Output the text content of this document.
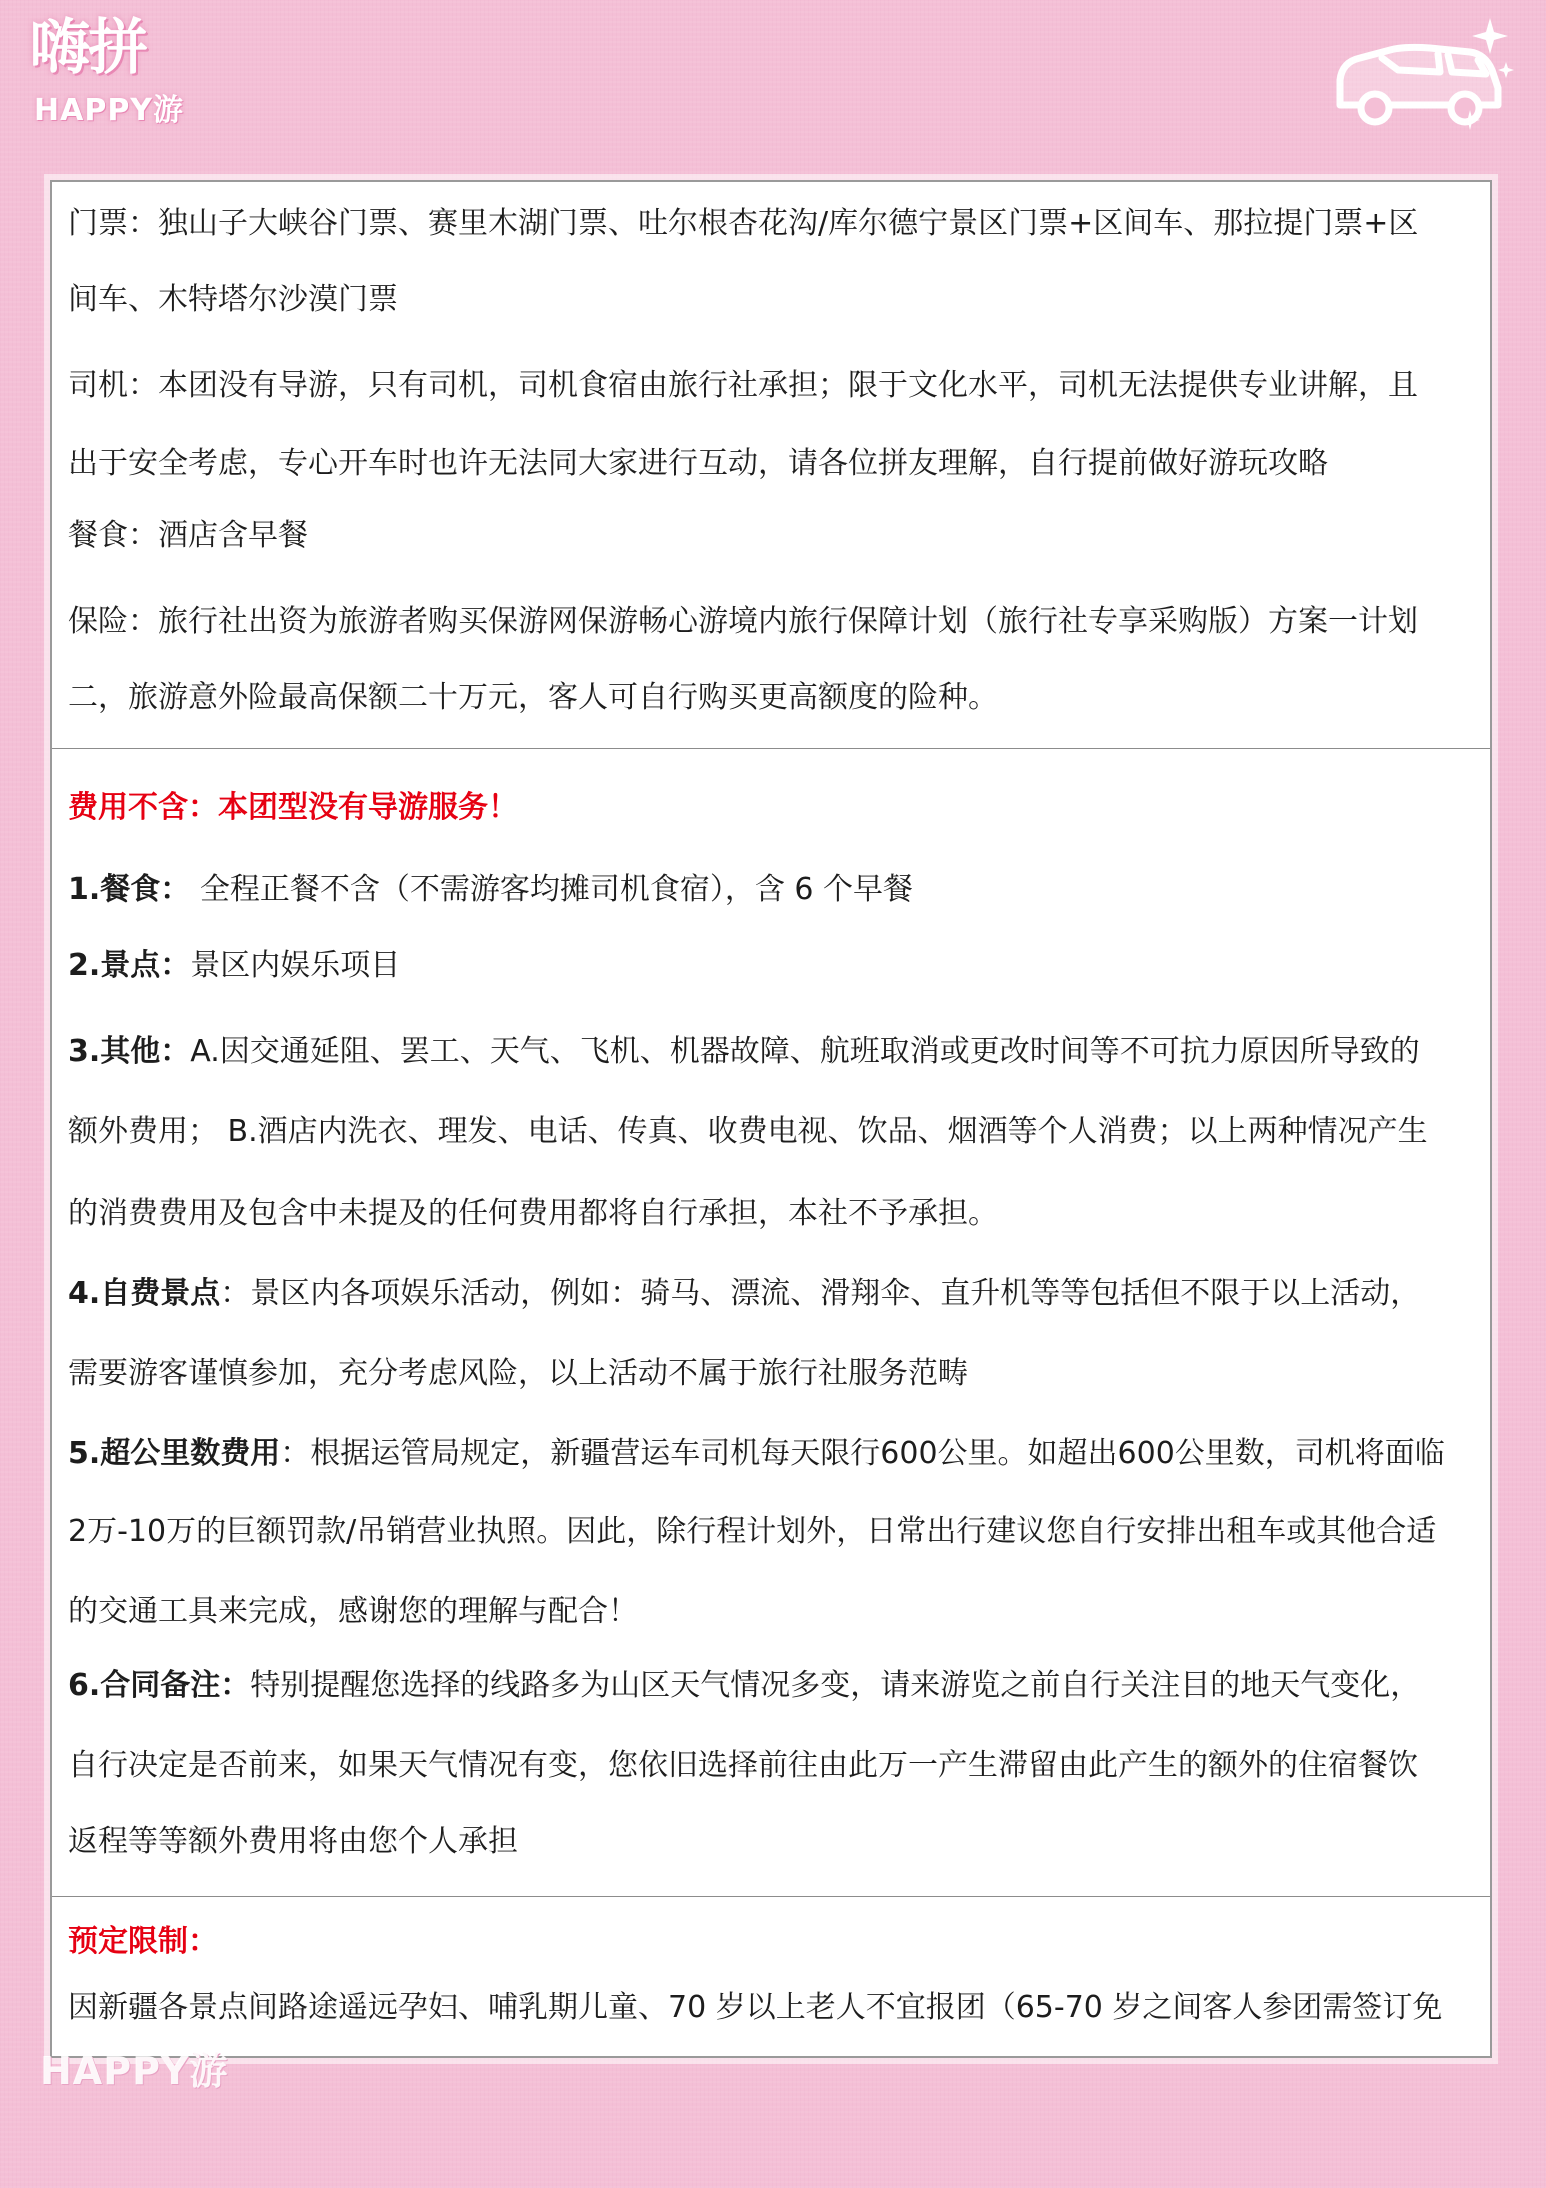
嗨拼
HAPPY游
门票：独山子大峡谷门票、赛里木湖门票、吐尔根杏花沟/库尔德宁景区门票+区间车、那拉提门票+区
间车、木特塔尔沙漠门票
司机：本团没有导游，只有司机，司机食宿由旅行社承担；限于文化水平，司机无法提供专业讲解，且
出于安全考虑，专心开车时也许无法同大家进行互动，请各位拼友理解，自行提前做好游玩攻略
餐食：酒店含早餐
保险：旅行社出资为旅游者购买保游网保游畅心游境内旅行保障计划（旅行社专享采购版）方案一计划
二，旅游意外险最高保额二十万元，客人可自行购买更高额度的险种。
费用不含：本团型没有导游服务！
1.餐食： 全程正餐不含（不需游客均摊司机食宿），含 6 个早餐
2.景点：景区内娱乐项目
3.其他：A.因交通延阻、罢工、天气、飞机、机器故障、航班取消或更改时间等不可抗力原因所导致的
额外费用； B.酒店内洗衣、理发、电话、传真、收费电视、饮品、烟酒等个人消费；以上两种情况产生
的消费费用及包含中未提及的任何费用都将自行承担，本社不予承担。
4.自费景点：景区内各项娱乐活动，例如：骑马、漂流、滑翔伞、直升机等等包括但不限于以上活动，
需要游客谨慎参加，充分考虑风险，以上活动不属于旅行社服务范畴
5.超公里数费用：根据运管局规定，新疆营运车司机每天限行600公里。如超出600公里数，司机将面临
2万-10万的巨额罚款/吊销营业执照。因此，除行程计划外，日常出行建议您自行安排出租车或其他合适
的交通工具来完成，感谢您的理解与配合！
6.合同备注：特别提醒您选择的线路多为山区天气情况多变，请来游览之前自行关注目的地天气变化，
自行决定是否前来，如果天气情况有变，您依旧选择前往由此万一产生滞留由此产生的额外的住宿餐饮
返程等等额外费用将由您个人承担
预定限制：
因新疆各景点间路途遥远孕妇、哺乳期儿童、70 岁以上老人不宜报团（65-70 岁之间客人参团需签订免
HAPPY游
